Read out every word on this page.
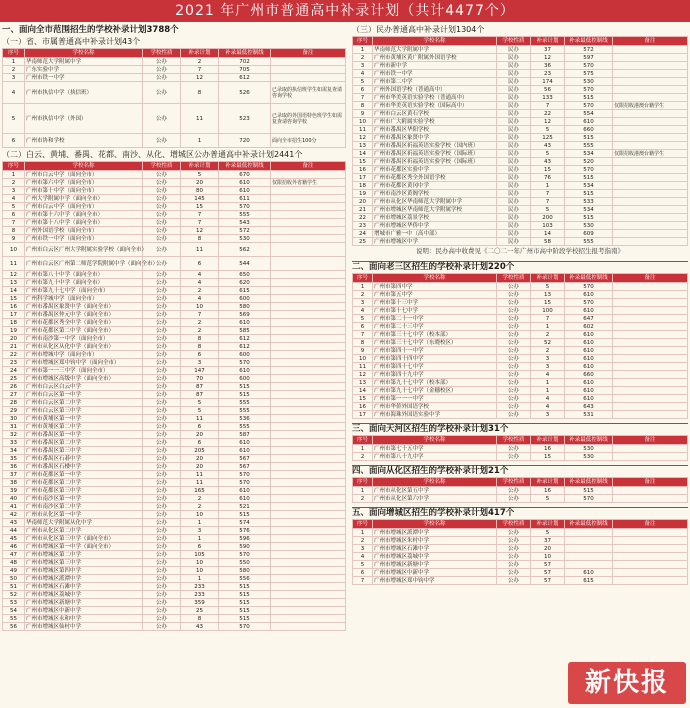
2021 年广州市普通高中补录计划（共计4477个）
一、面向全市范围招生的学校补录计划3788个
（一）省、市属普通高中补录计划43个
序号	学校名称	学校性质	补录计划	补录最低控制线	备注
1	华南师范大学附属中学	公办	2	702	
2	广东实验中学	公办	7	705	
3	广州市铁一中学	公办	12	612	
4	广州市执信中学（执信班）	公办	8	526	已录取的执信班学生如需复查请咨询学校
5	广州市执信中学（外国）	公办	11	523	已录取的外国语特色班学生如需复查请咨询学校
6	广州市协和学校	公办	1	720	面向全市招生100分
（二）白云、黄埔、番禺、花都、南沙、从化、增城区公办普通高中补录计划2441个
序号	学校名称	学校性质	补录计划	补录最低控制线	备注
1	广州市白云中学（面向全市）	公办	5	670	
2	广州市第六中学（面向全市）	公办	20	610	仅限招收外省籍学生
3	广州市第十中学（面向全市）	公办	80	610	
4	广州大学附属中学（面向全市）	公办	145	611	
5	广州市白云中学（面向全市）	公办	15	570	
6	广州市第十六中学（面向全市）	公办	7	555	
7	广州市第十八中学（面向全市）	公办	7	543	
8	广州外国语学校（面向全市）	公办	12	572	
9	广州市铁一中学（面向全市）	公办	8	530	
10	广州市白云区广州大学附属实验学校（面向全市）	公办	11	562	
11	广州市白云区广州第二师范学院附属中学（面向全市）	公办	6	544	
12	广州市第八十中学（面向全市）	公办	4	650	
13	广州市第九十中学（面向全市）	公办	4	620	
14	广州市第九十七中学（面向全市）	公办	2	615	
15	广州科学城中学（面向全市）	公办	4	600	
16	广州市番禺区象贤中学（面向全市）	公办	10	580	
17	广州市番禺区仲元中学（面向全市）	公办	7	569	
18	广州市花都区秀全中学（面向全市）	公办	2	610	
19	广州市花都区第二中学（面向全市）	公办	2	585	
20	广州市南沙第一中学（面向全市）	公办	8	612	
21	广州市从化区从化中学（面向全市）	公办	8	612	
22	广州市增城中学（面向全市）	公办	6	600	
23	广州市增城区郑中钧中学（面向全市）	公办	3	570	
24	广州市第一一三中学（面向全市）	公办	147	610	
25	广州市增城区高级中学（面向全市）	公办	70	600	
26	广州市白云区白云中学	公办	87	515	
27	广州市白云区第一中学	公办	87	515	
28	广州市白云区第二中学	公办	5	555	
29	广州市白云区第三中学	公办	5	555	
30	广州市黄埔区第一中学	公办	11	536	
31	广州市黄埔区第二中学	公办	6	555	
32	广州市番禺区第一中学	公办	20	587	
33	广州市番禺区第二中学	公办	6	610	
34	广州市番禺区第三中学	公办	205	610	
35	广州市番禺区石碁中学	公办	20	567	
36	广州市番禺区石楼中学	公办	20	567	
37	广州市花都区第一中学	公办	11	570	
38	广州市花都区第二中学	公办	11	570	
39	广州市花都区第三中学	公办	165	610	
40	广州市南沙区第一中学	公办	2	610	
41	广州市南沙区第二中学	公办	2	521	
42	广州市从化区第一中学	公办	10	515	
43	华南师范大学附属从化中学	公办	1	574	
44	广州市从化区第二中学	公办	3	576	
45	广州市从化区第三中学（面向全市）	公办	1	596	
46	广州市增城区第一中学（面向全市）	公办	6	590	
47	广州市增城区第二中学	公办	105	570	
48	广州市增城区第三中学	公办	10	550	
49	广州市增城区第四中学	公办	10	580	
50	广州市增城区派潭中学	公办	1	556	
51	广州市增城区石滩中学	公办	233	515	
52	广州市增城区荔城中学	公办	233	515	
53	广州市增城区新塘中学	公办	359	515	
54	广州市增城区中新中学	公办	25	515	
55	广州市增城区永和中学	公办	8	515	
56	广州市增城区仙村中学	公办	43	570	
（三）民办普通高中补录计划1304个
序号	学校名称	学校性质	补录计划	补录最低控制线	备注
1	华南师范大学附属中学	民办	37	572	
2	广州市黄埔区黄广附属外国语学校	民办	12	597	
3	广州市新中学	民办	36	570	
4	广州市铁一中学	民办	23	575	
5	广州市第二中学	民办	174	530	
6	广州外国语学校（普通高中）	民办	56	570	
7	广州市华美英语实验学校（普通高中）	民办	133	515	
8	广州市华美英语实验学校（国际高中）	民办	7	570	仅限招收港澳台籍学生
9	广州市白云区黄石学校	民办	22	554	
10	广州市广大附属实验学校	民办	12	610	
11	广州市番禺区华阳学校	民办	5	660	
12	广州市番禺区象贤中学	民办	125	515	
13	广州市番禺区祈福英语实验学校（国内班）	民办	43	555	
14	广州市番禺区祈福英语实验学校（国际班）	民办	5	534	仅限招收港澳台籍学生
15	广州市番禺区祈福英语实验学校（国际班）	民办	43	520	
16	广州市花都区实验中学	民办	15	570	
17	广州市花都区秀全外国语学校	民办	76	515	
18	广州市花都区黄冈中学	民办	1	534	
19	广州市南沙区黄阁学校	民办	7	515	
20	广州市从化区华南师范大学附属中学	民办	7	533	
21	广州市增城区华南师范大学附属学校	民办	5	534	
22	广州市增城区荔景学校	民办	200	515	
23	广州市增城区华侨中学	民办	103	530	
24	增城市广雅一中（高中部）	民办	14	609	
25	广州市增城区中学	民办	58	555	
说明：民办高中收费见《二〇二一年广州市高中阶段学校招生报考指南》
二、面向老三区招生的学校补录计划220个
序号	学校名称	学校性质	补录计划	补录最低控制线	备注
1	广州市第四中学	公办	5	570	
2	广州市第五中学	公办	13	610	
3	广州市第十三中学	公办	15	570	
4	广州市第十七中学	公办	100	610	
5	广州市第二十一中学	公办	7	647	
6	广州市第二十三中学	公办	1	602	
7	广州市第三十七中学（校本部）	公办	2	610	
8	广州市第三十七中学（东晓校区）	公办	52	610	
9	广州市第四十一中学	公办	2	610	
10	广州市第四十四中学	公办	3	610	
11	广州市第四十七中学	公办	3	610	
12	广州市第四十九中学	公办	4	660	
13	广州市第九十七中学（校本部）	公办	1	610	
14	广州市第九十七中学（金穗校区）	公办	1	610	
15	广州市第一一一中学	公办	4	610	
16	广州市华侨外国语学校	公办	4	643	
17	广州市海珠外国语实验中学	公办	3	531	
三、面向天河区招生的学校补录计划31个
序号	学校名称	学校性质	补录计划	补录最低控制线	备注
1	广州市第七十五中学	公办	16	530	
2	广州市第八十九中学	公办	15	530	
四、面向从化区招生的学校补录计划21个
序号	学校名称	学校性质	补录计划	补录最低控制线	备注
1	广州市从化区第五中学	公办	16	515	
2	广州市从化区第六中学	公办	5	570	
五、面向增城区招生的学校补录计划417个
序号	学校名称	学校性质	补录计划	补录最低控制线	备注
1	广州市增城区派潭中学	公办	5		
2	广州市增城区朱村中学	公办	37		
3	广州市增城区石滩中学	公办	20		
4	广州市增城区荔城中学	公办	10		
5	广州市增城区新塘中学	公办	57		
6	广州市增城区中新中学	公办	57	610	
7	广州市增城区郑中钧中学	公办	57	615	
新快报
